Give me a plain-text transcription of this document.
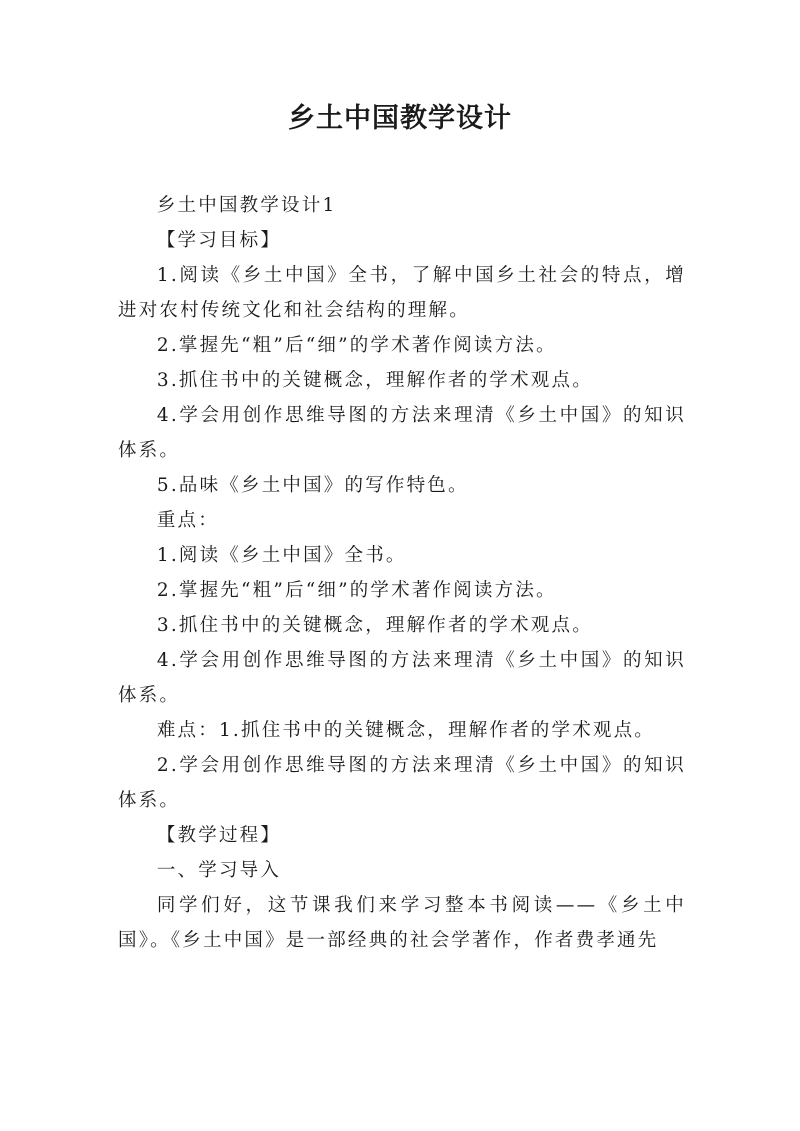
乡土中国教学设计

乡土中国教学设计1

【学习目标】

1.阅读《乡土中国》全书，了解中国乡土社会的特点，增进对农村传统文化和社会结构的理解。

2.掌握先“粗”后“细”的学术著作阅读方法。

3.抓住书中的关键概念，理解作者的学术观点。

4.学会用创作思维导图的方法来理清《乡土中国》的知识体系。

5.品味《乡土中国》的写作特色。

重点：

1.阅读《乡土中国》全书。

2.掌握先“粗”后“细”的学术著作阅读方法。

3.抓住书中的关键概念，理解作者的学术观点。

4.学会用创作思维导图的方法来理清《乡土中国》的知识体系。

难点：1.抓住书中的关键概念，理解作者的学术观点。

2.学会用创作思维导图的方法来理清《乡土中国》的知识体系。

【教学过程】

一、学习导入

同学们好，这节课我们来学习整本书阅读——《乡土中国》。《乡土中国》是一部经典的社会学著作，作者费孝通先
